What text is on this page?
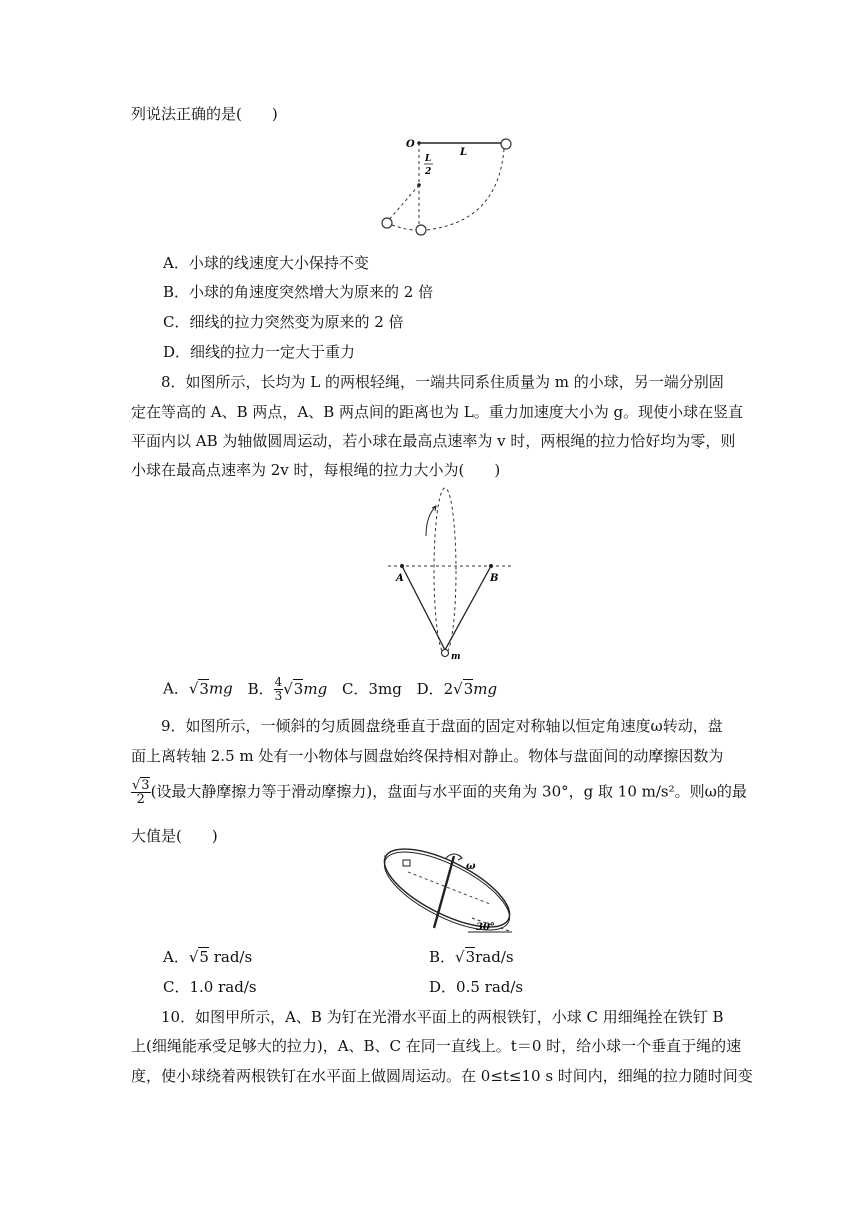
列说法正确的是(　　)
O
L
L
2
A．小球的线速度大小保持不变
B．小球的角速度突然增大为原来的 2 倍
C．细线的拉力突然变为原来的 2 倍
D．细线的拉力一定大于重力
8．如图所示，长均为 L 的两根轻绳，一端共同系住质量为 m 的小球，另一端分别固
定在等高的 A、B 两点，A、B 两点间的距离也为 L。重力加速度大小为 g。现使小球在竖直
平面内以 AB 为轴做圆周运动，若小球在最高点速率为 v 时，两根绳的拉力恰好均为零，则
小球在最高点速率为 2v 时，每根绳的拉力大小为(　　)
A	B
m
A．√3mg B． $\frac{4}{3} √3mg$ C．3mg D．2√3mg
9．如图所示，一倾斜的匀质圆盘绕垂直于盘面的固定对称轴以恒定角速度ω转动，盘
面上离转轴 2.5 m 处有一小物体与圆盘始终保持相对静止。物体与盘面间的动摩擦因数为
$\frac{√3}{2}$ (设最大静摩擦力等于滑动摩擦力)，盘面与水平面的夹角为 30°，g 取 10 m/s²。则ω的最
大值是(　　)
ω
30°
A．√5 rad/s	B．√3rad/s
C．1.0 rad/s	D．0.5 rad/s
10．如图甲所示，A、B 为钉在光滑水平面上的两根铁钉，小球 C 用细绳拴在铁钉 B
上(细绳能承受足够大的拉力)，A、B、C 在同一直线上。t＝0 时，给小球一个垂直于绳的速
度，使小球绕着两根铁钉在水平面上做圆周运动。在 0≤t≤10 s 时间内，细绳的拉力随时间变
